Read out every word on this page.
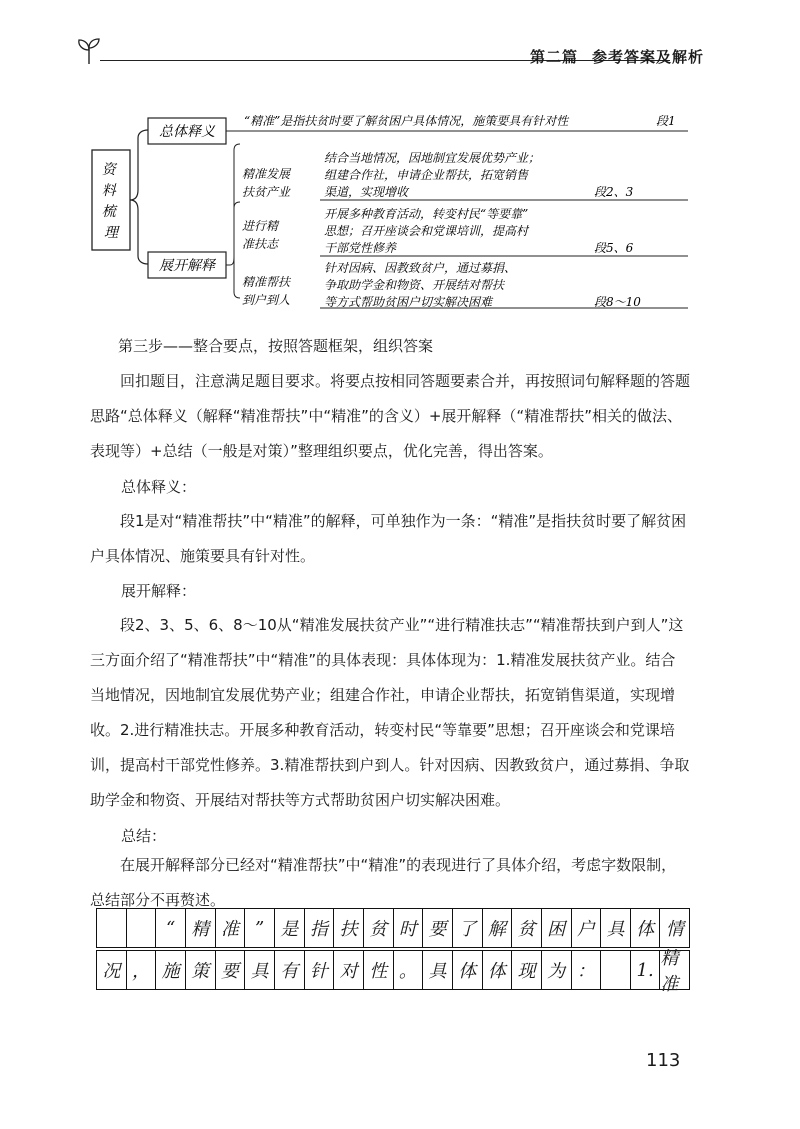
第二篇 参考答案及解析
资 料 梳 理
总体释义
“精准”是指扶贫时要了解贫困户具体情况，施策要具有针对性	段1
展开解释
精准发展
扶贫产业
结合当地情况，因地制宜发展优势产业；
组建合作社，申请企业帮扶，拓宽销售
渠道，实现增收	段2、3
进行精
准扶志
开展多种教育活动，转变村民“等要靠”
思想；召开座谈会和党课培训，提高村
干部党性修养	段5、6
精准帮扶
到户到人
针对因病、因教致贫户，通过募捐、
争取助学金和物资、开展结对帮扶
等方式帮助贫困户切实解决困难	段8～10

第三步——整合要点，按照答题框架，组织答案

回扣题目，注意满足题目要求。将要点按相同答题要素合并，再按照词句解释题的答题思路“总体释义（解释“精准帮扶”中“精准”的含义）+展开解释（“精准帮扶”相关的做法、表现等）+总结（一般是对策）”整理组织要点，优化完善，得出答案。

总体释义：

段1是对“精准帮扶”中“精准”的解释，可单独作为一条：“精准”是指扶贫时要了解贫困户具体情况、施策要具有针对性。

展开解释：

段2、3、5、6、8～10从“精准发展扶贫产业”“进行精准扶志”“精准帮扶到户到人”这三方面介绍了“精准帮扶”中“精准”的具体表现：具体体现为：1.精准发展扶贫产业。结合当地情况，因地制宜发展优势产业；组建合作社，申请企业帮扶，拓宽销售渠道，实现增收。2.进行精准扶志。开展多种教育活动，转变村民“等靠要”思想；召开座谈会和党课培训，提高村干部党性修养。3.精准帮扶到户到人。针对因病、因教致贫户，通过募捐、争取助学金和物资、开展结对帮扶等方式帮助贫困户切实解决困难。

总结：

在展开解释部分已经对“精准帮扶”中“精准”的表现进行了具体介绍，考虑字数限制，总结部分不再赘述。

“ 精 准 ” 是 指 扶 贫 时 要 了 解 贫 困 户 具 体 情
况 ， 施 策 要 具 有 针 对 性 。 具 体 体 现 为 ：	1.
精准
113
